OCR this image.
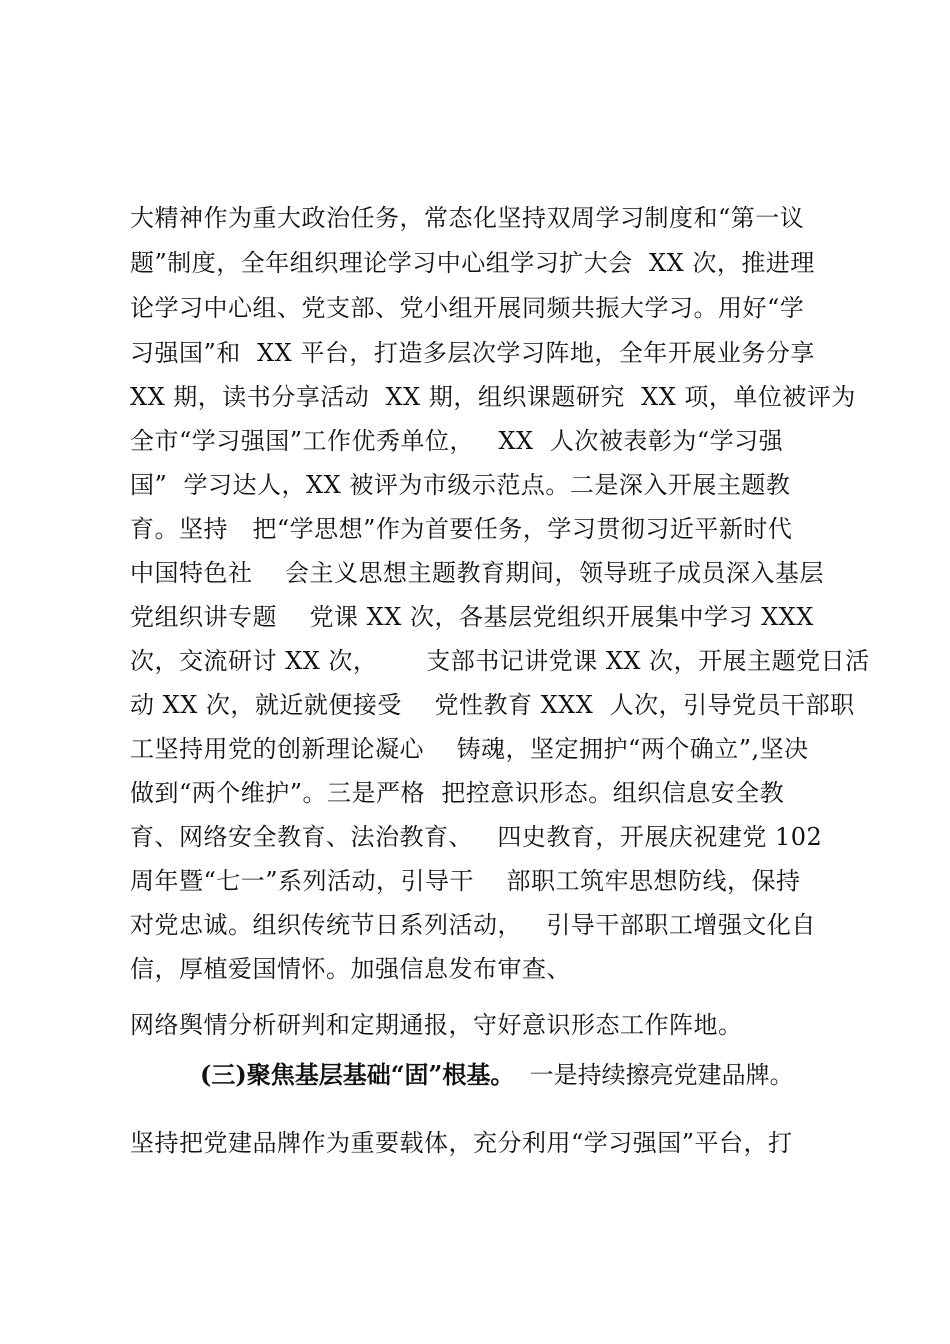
大精神作为重大政治任务，常态化坚持双周学习制度和“第一议
题”制度，全年组织理论学习中心组学习扩大会  XX 次，推进理
论学习中心组、党支部、党小组开展同频共振大学习。用好“学
习强国”和  XX 平台，打造多层次学习阵地，全年开展业务分享
XX 期，读书分享活动  XX 期，组织课题研究  XX 项，单位被评为
全市“学习强国”工作优秀单位，   XX  人次被表彰为“学习强
国”  学习达人，XX 被评为市级示范点。二是深入开展主题教
育。坚持   把“学思想”作为首要任务，学习贯彻习近平新时代
中国特色社    会主义思想主题教育期间，领导班子成员深入基层
党组织讲专题    党课 XX 次，各基层党组织开展集中学习 XXX
次，交流研讨 XX 次，      支部书记讲党课 XX 次，开展主题党日活
动 XX 次，就近就便接受    党性教育 XXX  人次，引导党员干部职
工坚持用党的创新理论凝心    铸魂，坚定拥护“两个确立”,坚决
做到“两个维护”。三是严格  把控意识形态。组织信息安全教
育、网络安全教育、法治教育、   四史教育，开展庆祝建党 102
周年暨“七一”系列活动，引导干    部职工筑牢思想防线，保持
对党忠诚。组织传统节日系列活动，   引导干部职工增强文化自
信，厚植爱国情怀。加强信息发布审查、
网络舆情分析研判和定期通报，守好意识形态工作阵地。
(三)聚焦基层基础“固”根基。  一是持续擦亮党建品牌。
坚持把党建品牌作为重要载体，充分利用“学习强国”平台，打
